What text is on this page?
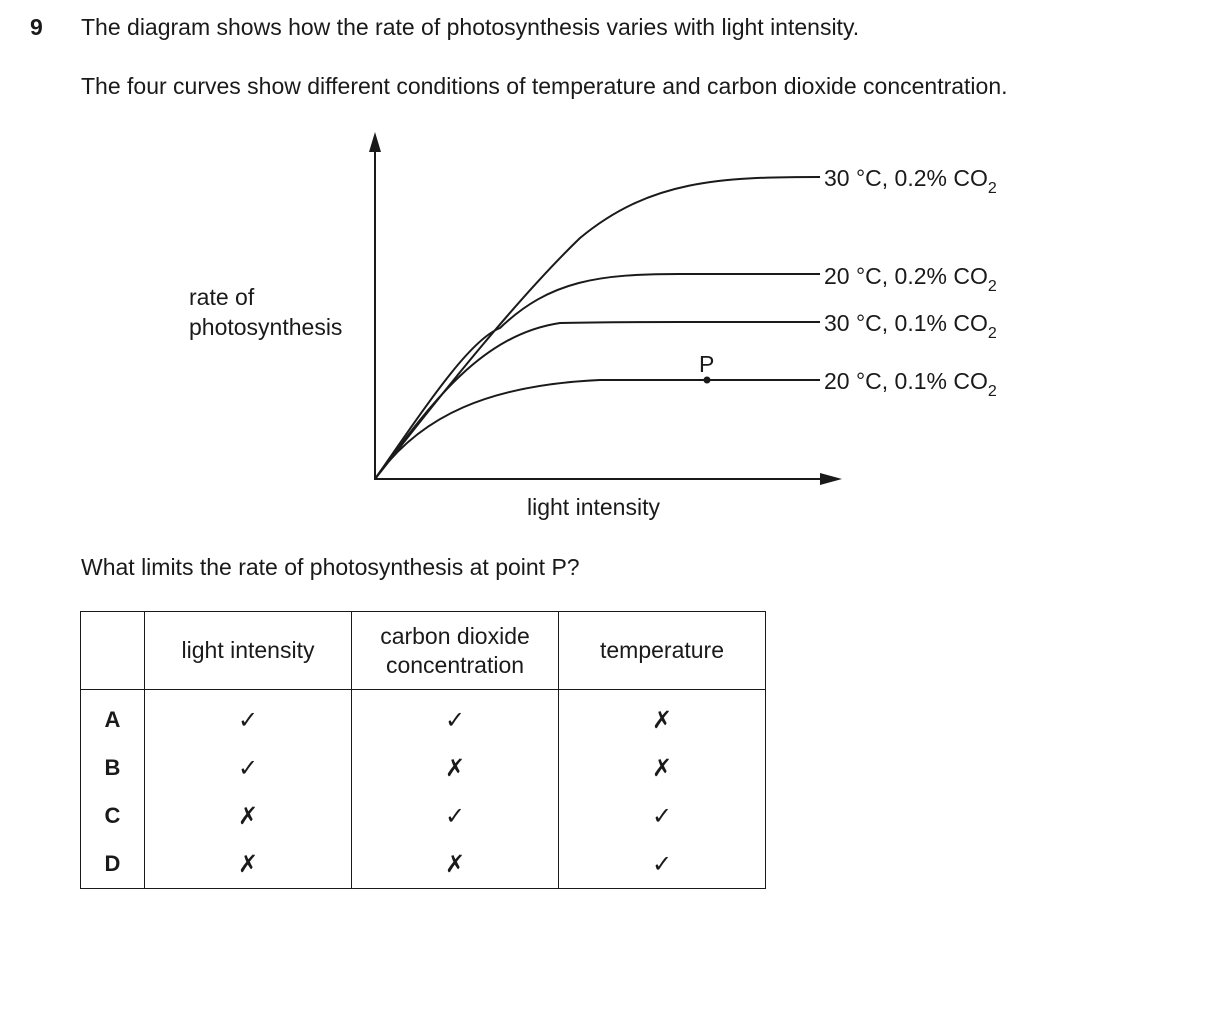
9 The diagram shows how the rate of photosynthesis varies with light intensity.
The four curves show different conditions of temperature and carbon dioxide concentration.
P
rate of
photosynthesis
light intensity
30 °C, 0.2% $CO_2$
20 °C, 0.2% $CO_2$
30 °C, 0.1% $CO_2$
20 °C, 0.1% $CO_2$
What limits the rate of photosynthesis at point P?
	light intensity	carbon dioxide
concentration	temperature
A	✓	✓	✗
B	✓	✗	✗
C	✗	✓	✓
D	✗	✗	✓
